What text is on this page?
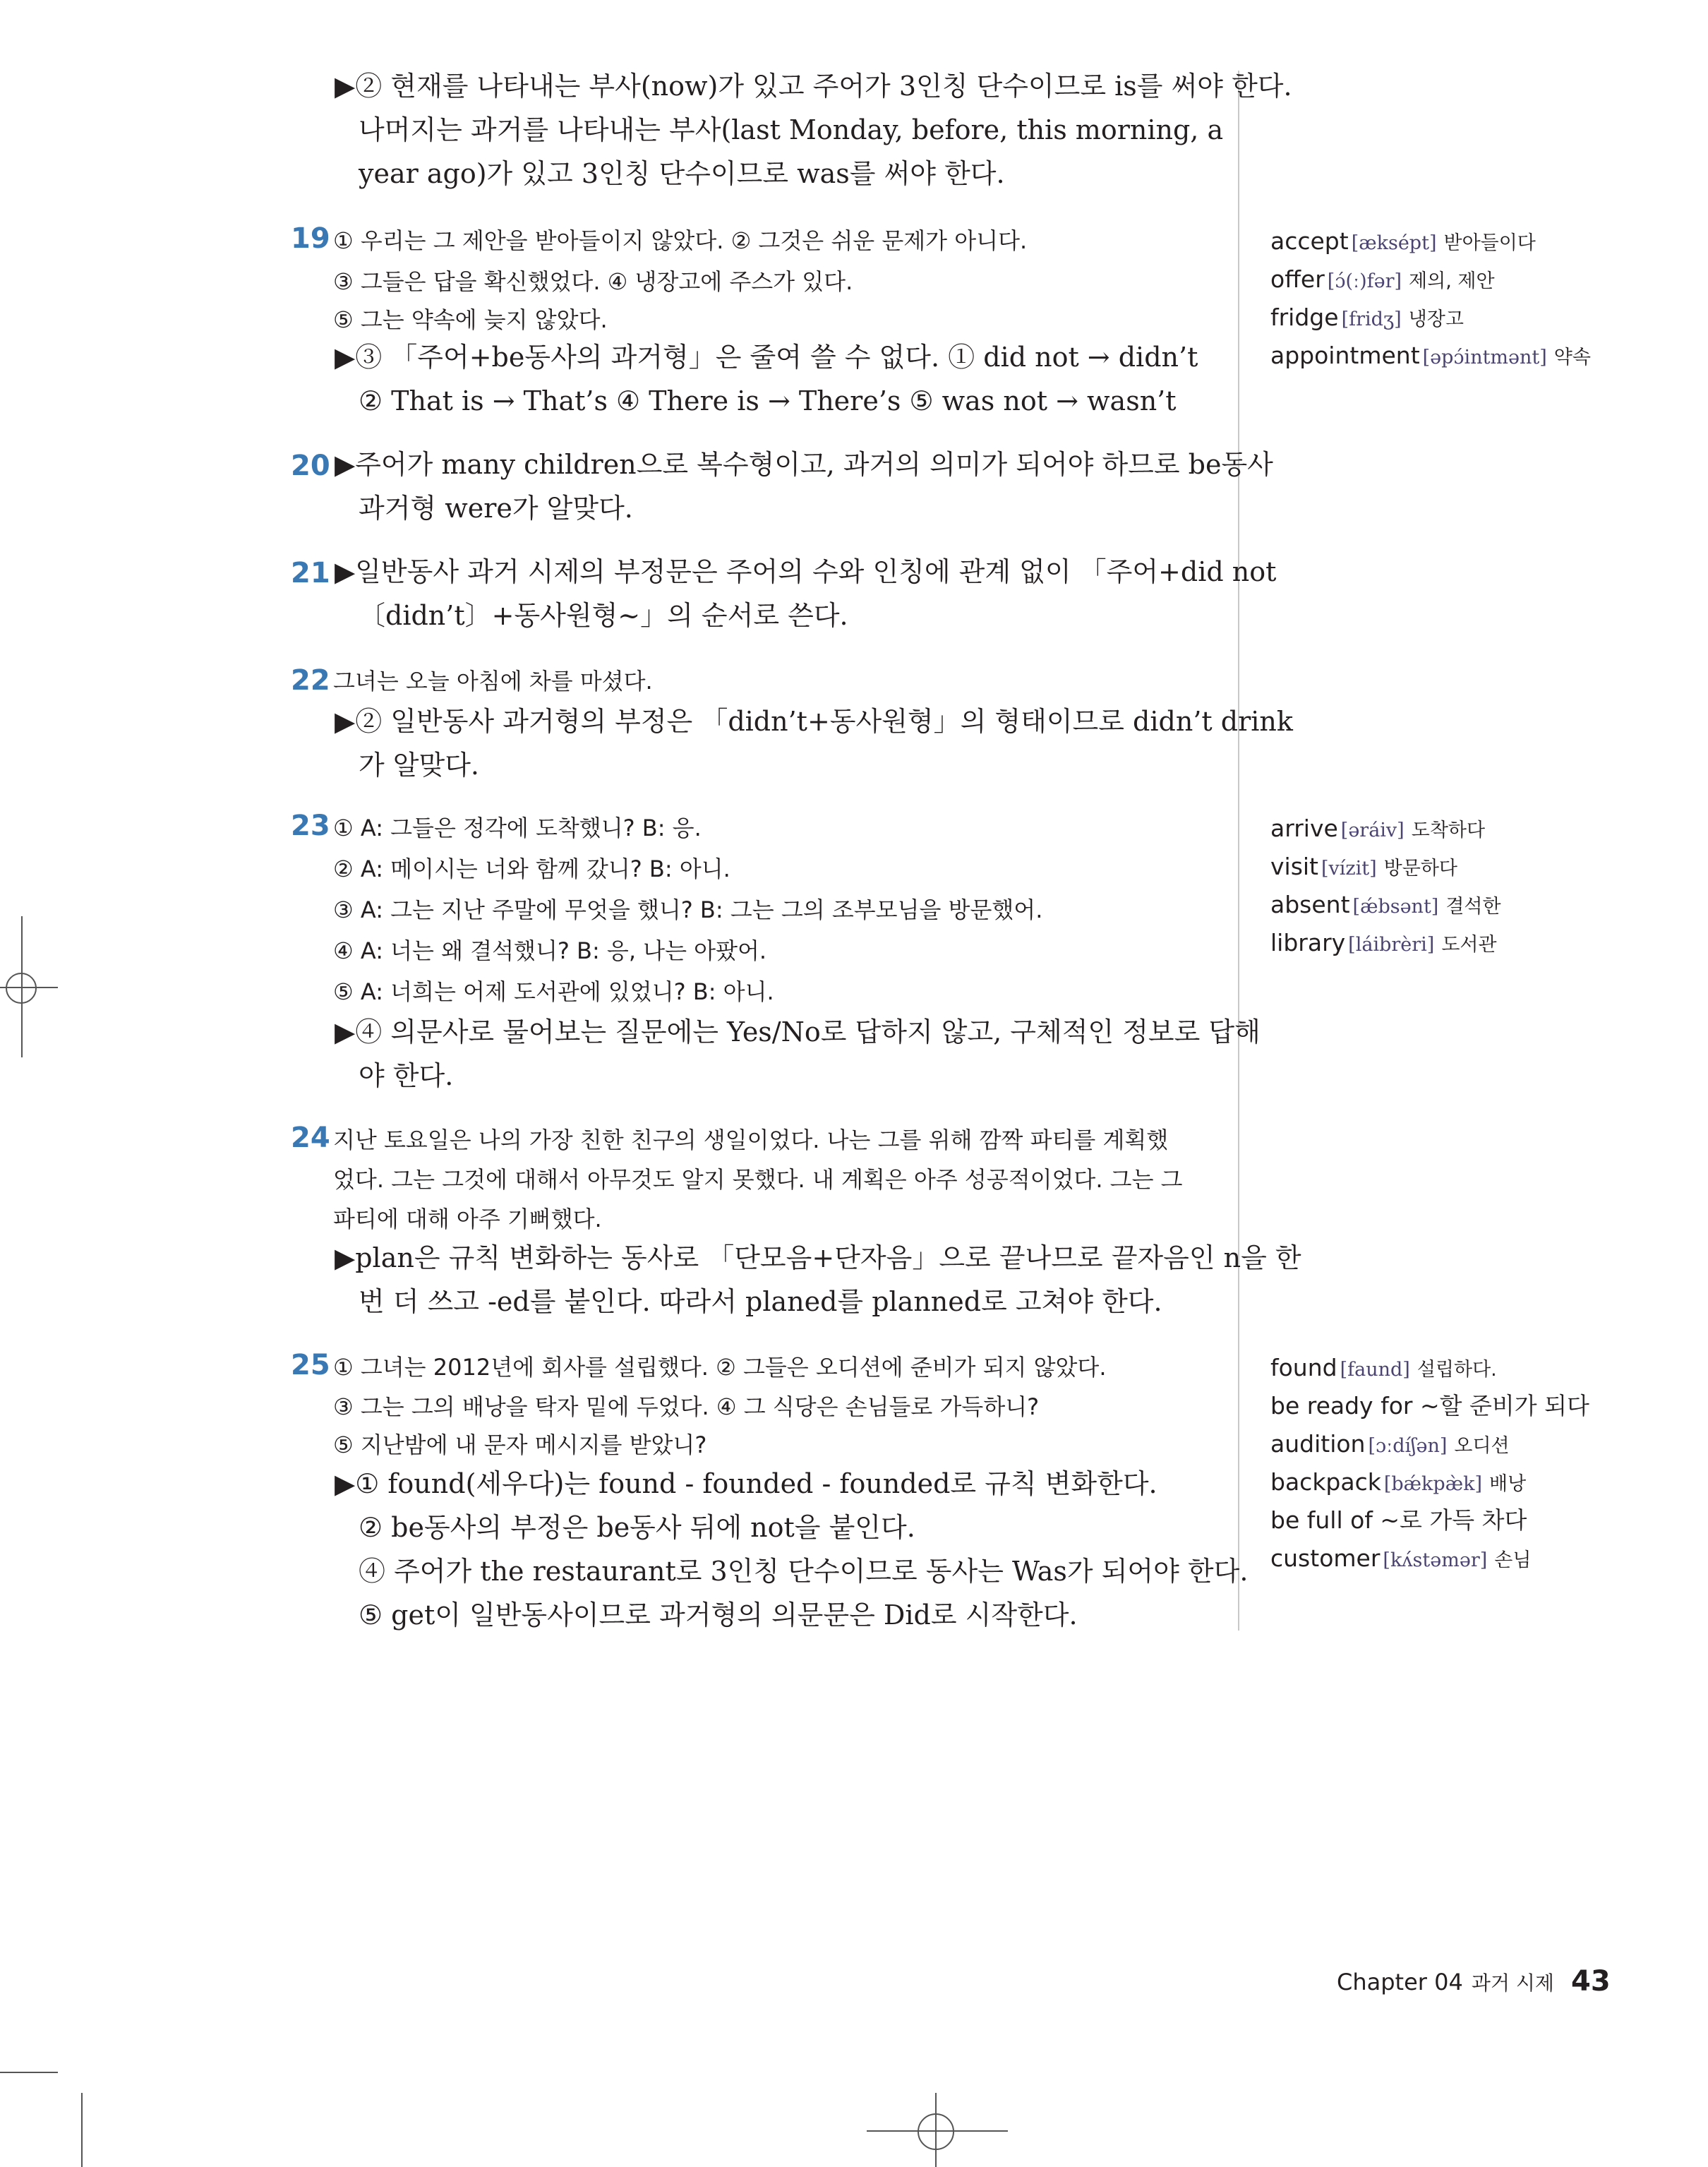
▶② 현재를 나타내는 부사(now)가 있고 주어가 3인칭 단수이므로 is를 써야 한다.
나머지는 과거를 나타내는 부사(last Monday, before, this morning, a
year ago)가 있고 3인칭 단수이므로 was를 써야 한다.
19 ① 우리는 그 제안을 받아들이지 않았다. ② 그것은 쉬운 문제가 아니다.
③ 그들은 답을 확신했었다. ④ 냉장고에 주스가 있다.
⑤ 그는 약속에 늦지 않았다.
▶③ 「주어+be동사의 과거형」은 줄여 쓸 수 없다. ① did not → didn’t
② That is → That’s ④ There is → There’s ⑤ was not → wasn’t
accept [æksépt] 받아들이다
offer [ɔ́(ː)fər] 제의, 제안
fridge [fridʒ] 냉장고
appointment [əpɔ́intmənt] 약속
20 ▶주어가 many children으로 복수형이고, 과거의 의미가 되어야 하므로 be동사
과거형 were가 알맞다.
21 ▶일반동사 과거 시제의 부정문은 주어의 수와 인칭에 관계 없이 「주어+did not
〔didn’t〕+동사원형~」의 순서로 쓴다.
22 그녀는 오늘 아침에 차를 마셨다.
▶② 일반동사 과거형의 부정은 「didn’t+동사원형」의 형태이므로 didn’t drink
가 알맞다.
23 ① A: 그들은 정각에 도착했니? B: 응.
② A: 메이시는 너와 함께 갔니? B: 아니.
③ A: 그는 지난 주말에 무엇을 했니? B: 그는 그의 조부모님을 방문했어.
④ A: 너는 왜 결석했니? B: 응, 나는 아팠어.
⑤ A: 너희는 어제 도서관에 있었니? B: 아니.
▶④ 의문사로 물어보는 질문에는 Yes/No로 답하지 않고, 구체적인 정보로 답해
야 한다.
arrive [əráiv] 도착하다
visit [vízit] 방문하다
absent [ǽbsənt] 결석한
library [láibrèri] 도서관
24 지난 토요일은 나의 가장 친한 친구의 생일이었다. 나는 그를 위해 깜짝 파티를 계획했
었다. 그는 그것에 대해서 아무것도 알지 못했다. 내 계획은 아주 성공적이었다. 그는 그
파티에 대해 아주 기뻐했다.
▶plan은 규칙 변화하는 동사로 「단모음+단자음」으로 끝나므로 끝자음인 n을 한
번 더 쓰고 -ed를 붙인다. 따라서 planed를 planned로 고쳐야 한다.
25 ① 그녀는 2012년에 회사를 설립했다. ② 그들은 오디션에 준비가 되지 않았다.
③ 그는 그의 배낭을 탁자 밑에 두었다. ④ 그 식당은 손님들로 가득하니?
⑤ 지난밤에 내 문자 메시지를 받았니?
▶① found(세우다)는 found - founded - founded로 규칙 변화한다.
② be동사의 부정은 be동사 뒤에 not을 붙인다.
④ 주어가 the restaurant로 3인칭 단수이므로 동사는 Was가 되어야 한다.
⑤ get이 일반동사이므로 과거형의 의문문은 Did로 시작한다.
found [faund] 설립하다.
be ready for ~할 준비가 되다
audition [ɔːdíʃən] 오디션
backpack [bǽkpæ̀k] 배낭
be full of ~로 가득 차다
customer [kʌ́stəmər] 손님
Chapter 04 과거 시제 43
